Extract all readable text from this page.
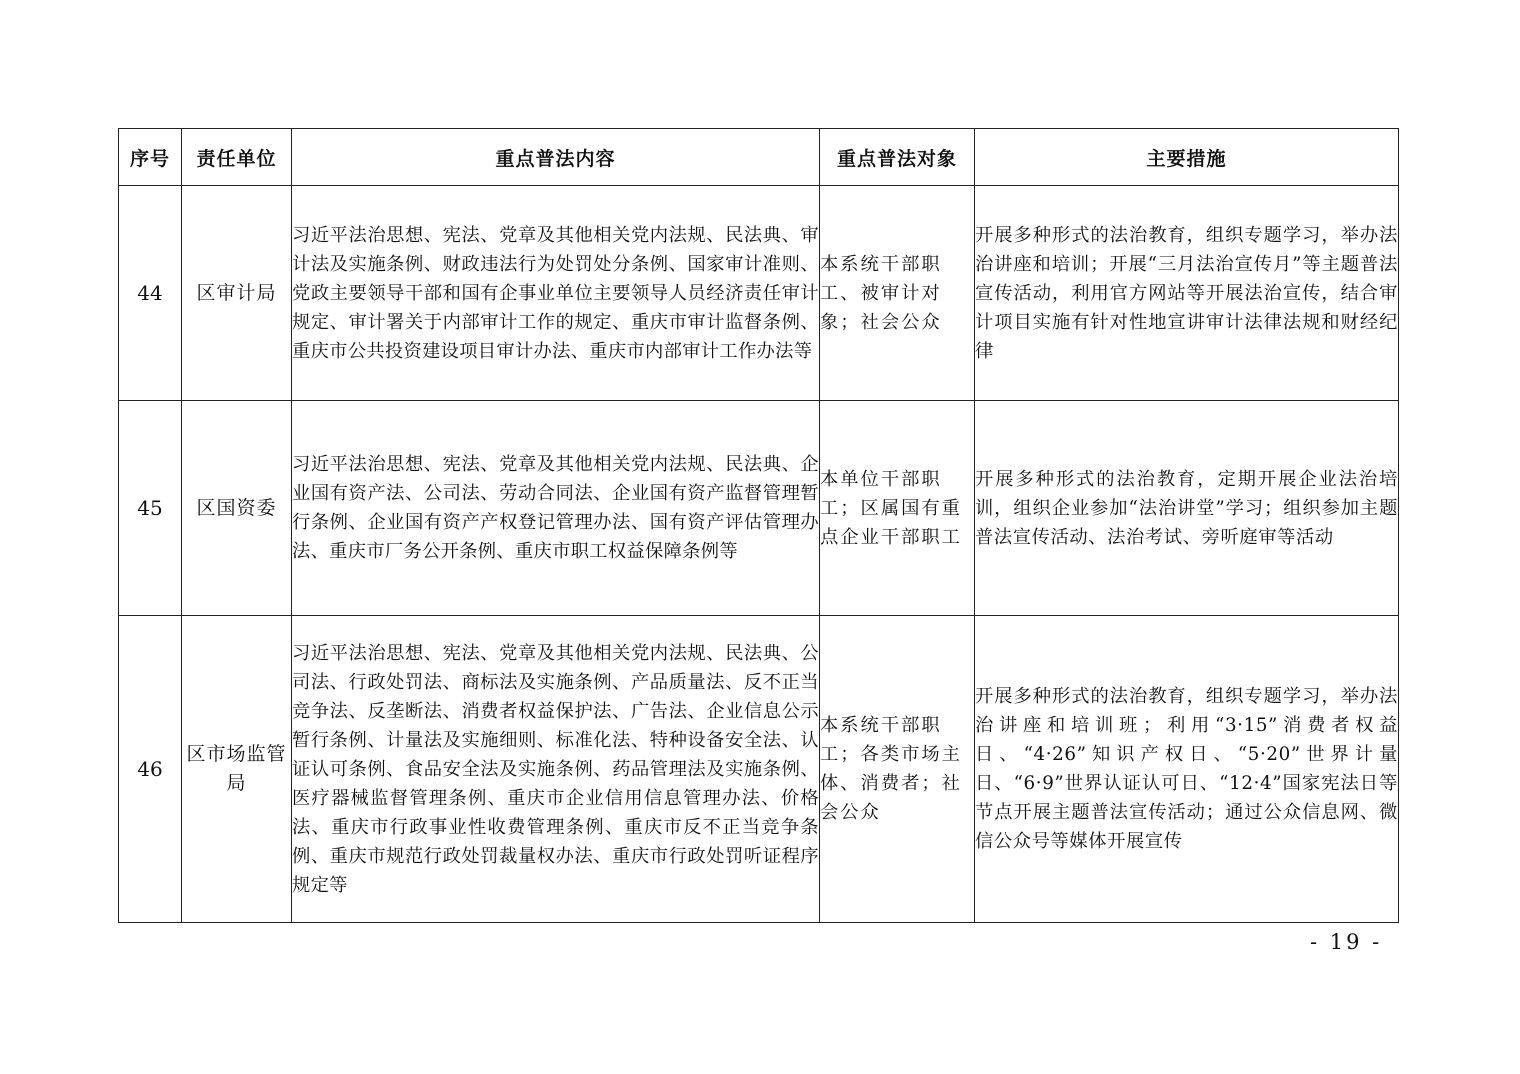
序号	责任单位	重点普法内容	重点普法对象	主要措施
44	区审计局	习近平法治思想、宪法、党章及其他相关党内法规、民法典、审计法及实施条例、财政违法行为处罚处分条例、国家审计准则、党政主要领导干部和国有企事业单位主要领导人员经济责任审计规定、审计署关于内部审计工作的规定、重庆市审计监督条例、重庆市公共投资建设项目审计办法、重庆市内部审计工作办法等	本系统干部职工、被审计对象；社会公众	开展多种形式的法治教育，组织专题学习，举办法治讲座和培训；开展“三月法治宣传月”等主题普法宣传活动，利用官方网站等开展法治宣传，结合审计项目实施有针对性地宣讲审计法律法规和财经纪律
45	区国资委	习近平法治思想、宪法、党章及其他相关党内法规、民法典、企业国有资产法、公司法、劳动合同法、企业国有资产监督管理暂行条例、企业国有资产产权登记管理办法、国有资产评估管理办法、重庆市厂务公开条例、重庆市职工权益保障条例等	本单位干部职工；区属国有重点企业干部职工	开展多种形式的法治教育，定期开展企业法治培训，组织企业参加“法治讲堂”学习；组织参加主题普法宣传活动、法治考试、旁听庭审等活动
46	区市场监管局	习近平法治思想、宪法、党章及其他相关党内法规、民法典、公司法、行政处罚法、商标法及实施条例、产品质量法、反不正当竞争法、反垄断法、消费者权益保护法、广告法、企业信息公示暂行条例、计量法及实施细则、标准化法、特种设备安全法、认证认可条例、食品安全法及实施条例、药品管理法及实施条例、医疗器械监督管理条例、重庆市企业信用信息管理办法、价格法、重庆市行政事业性收费管理条例、重庆市反不正当竞争条例、重庆市规范行政处罚裁量权办法、重庆市行政处罚听证程序规定等	本系统干部职工；各类市场主体、消费者；社会公众	开展多种形式的法治教育，组织专题学习，举办法治讲座和培训班；利用“3·15”消费者权益日、“4·26”知识产权日、“5·20”世界计量日、“6·9”世界认证认可日、“12·4”国家宪法日等节点开展主题普法宣传活动；通过公众信息网、微信公众号等媒体开展宣传
- 19 -
